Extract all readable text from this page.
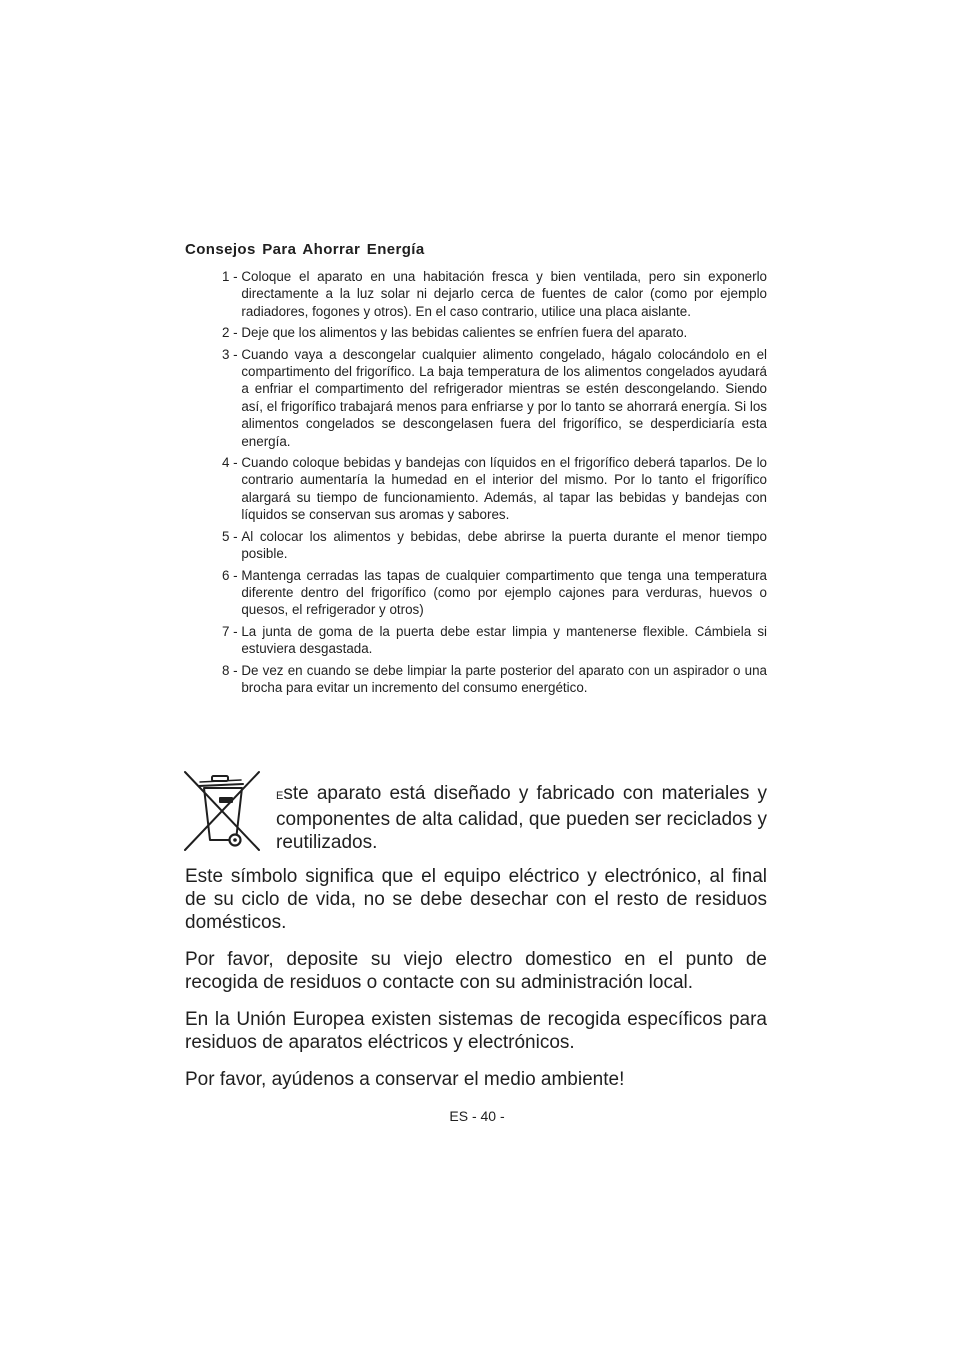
Consejos Para Ahorrar Energía
1 - Coloque el aparato en una habitación fresca y bien ventilada, pero sin exponerlo directamente a la luz solar ni dejarlo cerca de fuentes de calor (como por ejemplo radiadores, fogones y otros). En el caso contrario, utilice una placa aislante.
2 - Deje que los alimentos y las bebidas calientes se enfríen fuera del aparato.
3 - Cuando vaya a descongelar cualquier alimento congelado, hágalo colocándolo en el compartimento del frigorífico. La baja temperatura de los alimentos congelados ayudará a enfriar el compartimento del refrigerador mientras se estén descongelando. Siendo así, el frigorífico trabajará menos para enfriarse y por lo tanto se ahorrará energía. Si los alimentos congelados se descongelasen fuera del frigorífico, se desperdiciaría esta energía.
4 - Cuando coloque bebidas y bandejas con líquidos en el frigorífico deberá taparlos. De lo contrario aumentaría la humedad en el interior del mismo. Por lo tanto el frigorífico alargará su tiempo de funcionamiento. Además, al tapar las bebidas y bandejas con líquidos se conservan sus aromas y sabores.
5 - Al colocar los alimentos y bebidas, debe abrirse la puerta durante el menor tiempo posible.
6 - Mantenga cerradas las tapas de cualquier compartimento que tenga una temperatura diferente dentro del frigorífico (como por ejemplo cajones para verduras, huevos o quesos, el refrigerador y otros)
7 - La junta de goma de la puerta debe estar limpia y mantenerse flexible. Cámbiela si estuviera desgastada.
8 - De vez en cuando se debe limpiar la parte posterior del aparato con un aspirador o una brocha para evitar un incremento del consumo energético.

Este aparato está diseñado y fabricado con materiales y componentes de alta calidad, que pueden ser reciclados y reutilizados.

Este símbolo significa que el equipo eléctrico y electrónico, al final de su ciclo de vida, no se debe desechar con el resto de residuos domésticos.

Por favor, deposite su viejo electro domestico en el punto de recogida de residuos o contacte con su administración local.

En la Unión Europea existen sistemas de recogida específicos para residuos de aparatos eléctricos y electrónicos.

Por favor, ayúdenos a conservar el medio ambiente!

ES - 40 -
